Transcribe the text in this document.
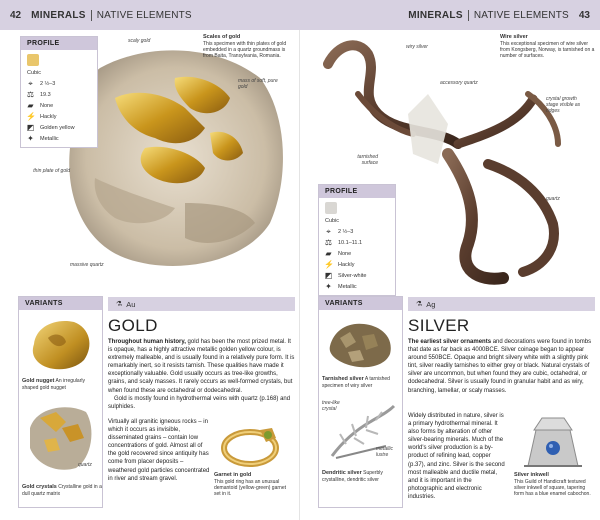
42 MINERALS NATIVE ELEMENTS	MINERALS NATIVE ELEMENTS 43
PROFILE
Cubic
⌖	2 ½–3
⚖ 19.3
▰ None
⚡ Hackly
◩ Golden yellow
✦ Metallic
scaly gold
mass of soft, pure gold
thin plate of gold
massive quartz
Scales of gold
This specimen with thin plates of gold embedded in a quartz groundmass is from Baita, Transylvania, Romania.
VARIANTS
Gold nugget An irregularly shaped gold nugget
quartz
Gold crystals Crystalline gold in a dull quartz matrix
⚗ Au
GOLD

Throughout human history, gold has been the most prized metal. It is opaque, has a highly attractive metallic golden yellow colour, is extremely malleable, and is usually found in a relatively pure form. It is remarkably inert, so it resists tarnish. These qualities have made it exceptionally valuable. Gold usually occurs as tree-like growths, grains, and scaly masses. It rarely occurs as well-formed crystals, but when found these are octahedral or dodecahedral.

Gold is mostly found in hydrothermal veins with quartz (p.168) and sulphides.

Virtually all granitic igneous rocks – in which it occurs as invisible, disseminated grains – contain low concentrations of gold. Almost all of the gold recovered since antiquity has come from placer deposits – weathered gold particles concentrated in river and stream gravel.

Garnet in gold
This gold ring has an unusual demantoid (yellow-green) garnet set in it.
wiry silver
accessory quartz
tarnished surface
crystal growth stage visible as ridges
quartz
Wire silver
This exceptional specimen of wire silver from Kongsberg, Norway, is tarnished on a number of surfaces.
PROFILE
Cubic
⌖	2 ½–3
⚖ 10.1–11.1
▰ None
⚡ Hackly
◩ Silver-white
✦ Metallic
VARIANTS
Tarnished silver A tarnished specimen of wiry silver
tree-like crystal
metallic lustre
Dendritic silver Superbly crystalline, dendritic silver
⚗ Ag
SILVER

The earliest silver ornaments and decorations were found in tombs that date as far back as 4000BCE. Silver coinage began to appear around 550BCE. Opaque and bright silvery white with a slightly pink tint, silver readily tarnishes to either grey or black. Natural crystals of silver are uncommon, but when found they are cubic, octahedral, or dodecahedral. Silver is usually found in granular habit and as wiry, branching, lamellar, or scaly masses.

Widely distributed in nature, silver is a primary hydrothermal mineral. It also forms by alteration of other silver-bearing minerals. Much of the world's silver production is a by-product of refining lead, copper (p.37), and zinc. Silver is the second most malleable and ductile metal, and it is important in the photographic and electronic industries.

Silver inkwell
This Guild of Handicraft textured silver inkwell of square, tapering form has a blue enamel cabochon.
